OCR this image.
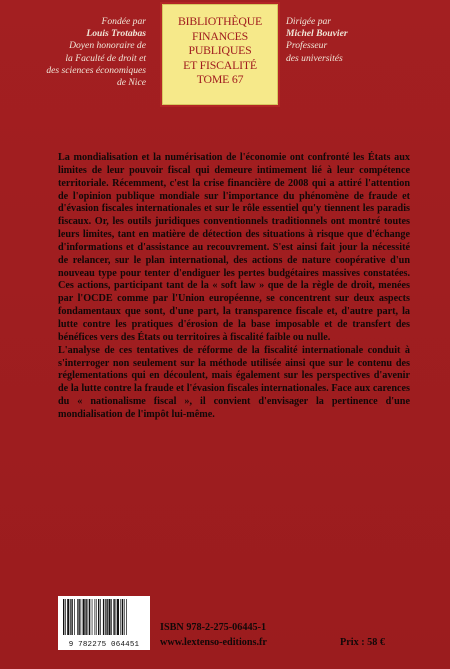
Fondée par
Louis Trotabas
Doyen honoraire de
la Faculté de droit et
des sciences économiques
de Nice
BIBLIOTHÈQUE
FINANCES PUBLIQUES
ET FISCALITÉ
TOME 67
Dirigée par
Michel Bouvier
Professeur
des universités

La mondialisation et la numérisation de l'économie ont confronté les États aux limites de leur pouvoir fiscal qui demeure intimement lié à leur compétence territoriale. Récemment, c'est la crise financière de 2008 qui a attiré l'attention de l'opinion publique mondiale sur l'importance du phénomène de fraude et d'évasion fiscales internationales et sur le rôle essentiel qu'y tiennent les paradis fiscaux. Or, les outils juridiques conventionnels traditionnels ont montré toutes leurs limites, tant en matière de détection des situations à risque que d'échange d'informations et d'assistance au recouvrement. S'est ainsi fait jour la nécessité de relancer, sur le plan international, des actions de nature coopérative d'un nouveau type pour tenter d'endiguer les pertes budgétaires massives constatées. Ces actions, participant tant de la « soft law » que de la règle de droit, menées par l'OCDE comme par l'Union européenne, se concentrent sur deux aspects fondamentaux que sont, d'une part, la transparence fiscale et, d'autre part, la lutte contre les pratiques d'érosion de la base imposable et de transfert des bénéfices vers des États ou territoires à fiscalité faible ou nulle.

L'analyse de ces tentatives de réforme de la fiscalité internationale conduit à s'interroger non seulement sur la méthode utilisée ainsi que sur le contenu des réglementations qui en découlent, mais également sur les perspectives d'avenir de la lutte contre la fraude et l'évasion fiscales internationales. Face aux carences du « nationalisme fiscal », il convient d'envisager la pertinence d'une mondialisation de l'impôt lui-même.

9 782275 064451
ISBN 978-2-275-06445-1
www.lextenso-editions.fr	Prix : 58 €
